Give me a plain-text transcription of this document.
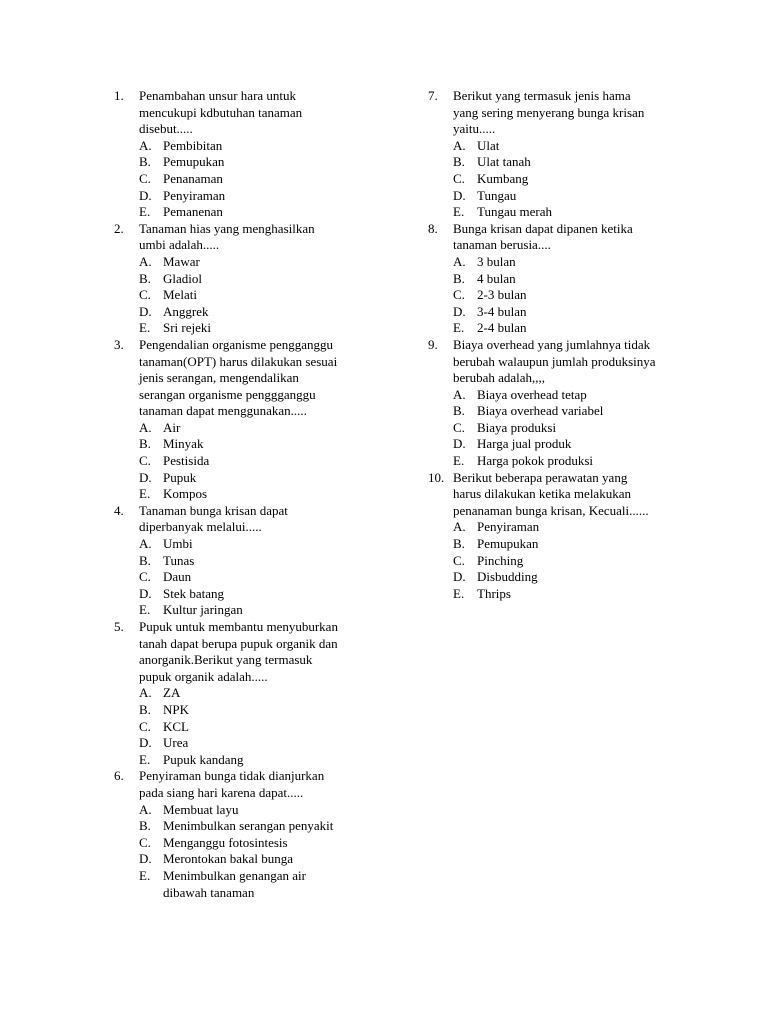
1.	Penambahan unsur hara untuk
mencukupi kdbutuhan tanaman
disebut.....
A. Pembibitan
B. Pemupukan
C. Penanaman
D. Penyiraman
E. Pemanenan
2.	Tanaman hias yang menghasilkan
umbi adalah.....
A. Mawar
B. Gladiol
C. Melati
D. Anggrek
E. Sri rejeki
3.	Pengendalian organisme pengganggu
tanaman(OPT) harus dilakukan sesuai
jenis serangan, mengendalikan
serangan organisme penggganggu
tanaman dapat menggunakan.....
A. Air
B. Minyak
C. Pestisida
D. Pupuk
E. Kompos
4.	Tanaman bunga krisan dapat
diperbanyak melalui.....
A. Umbi
B. Tunas
C. Daun
D. Stek batang
E. Kultur jaringan
5.	Pupuk untuk membantu menyuburkan
tanah dapat berupa pupuk organik dan
anorganik.Berikut yang termasuk
pupuk organik adalah.....
A. ZA
B. NPK
C. KCL
D. Urea
E. Pupuk kandang
6.	Penyiraman bunga tidak dianjurkan
pada siang hari karena dapat.....
A. Membuat layu
B. Menimbulkan serangan penyakit
C. Menganggu fotosintesis
D. Merontokan bakal bunga
E. Menimbulkan genangan air
dibawah tanaman
7.	Berikut yang termasuk jenis hama
yang sering menyerang bunga krisan
yaitu.....
A. Ulat
B. Ulat tanah
C. Kumbang
D. Tungau
E. Tungau merah
8.	Bunga krisan dapat dipanen ketika
tanaman berusia....
A. 3 bulan
B. 4 bulan
C. 2-3 bulan
D. 3-4 bulan
E. 2-4 bulan
9.	Biaya overhead yang jumlahnya tidak
berubah walaupun jumlah produksinya
berubah adalah,,,,
A. Biaya overhead tetap
B. Biaya overhead variabel
C. Biaya produksi
D. Harga jual produk
E. Harga pokok produksi
10. Berikut beberapa perawatan yang
harus dilakukan ketika melakukan
penanaman bunga krisan, Kecuali......
A. Penyiraman
B. Pemupukan
C. Pinching
D. Disbudding
E. Thrips
